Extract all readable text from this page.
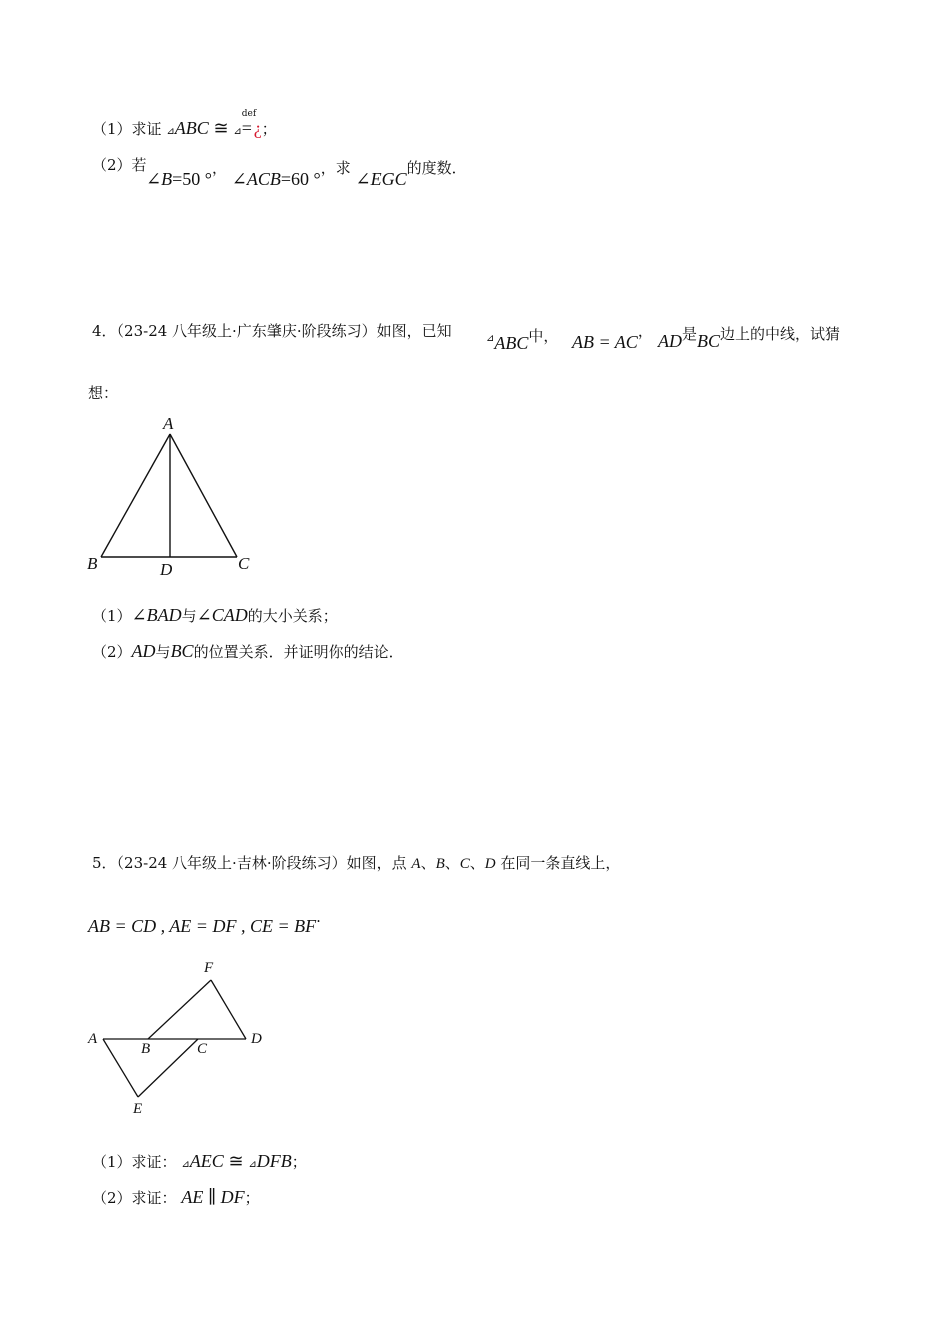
（1）求证 ⊿ABC ≅ ⊿
def
= ¿；
（2）若
∠B=50 °， ∠ACB=60 °，求 ∠EGC的度数．
4．（23-24 八年级上·广东肇庆·阶段练习）如图，已知	⊿ABC中， AB = AC， AD是BC边上的中线，试猜
想：
A
B	C
D
（1）∠BAD与∠CAD的大小关系；
（2）AD与BC的位置关系．并证明你的结论．
5．（23-24 八年级上·吉林·阶段练习）如图，点 A、B、C、D 在同一条直线上，
AB = CD , AE = DF , CE = BF.
F
A
B	C
D
E
（1）求证： ⊿AEC ≅ ⊿DFB；
（2）求证： AE ∥ DF；
